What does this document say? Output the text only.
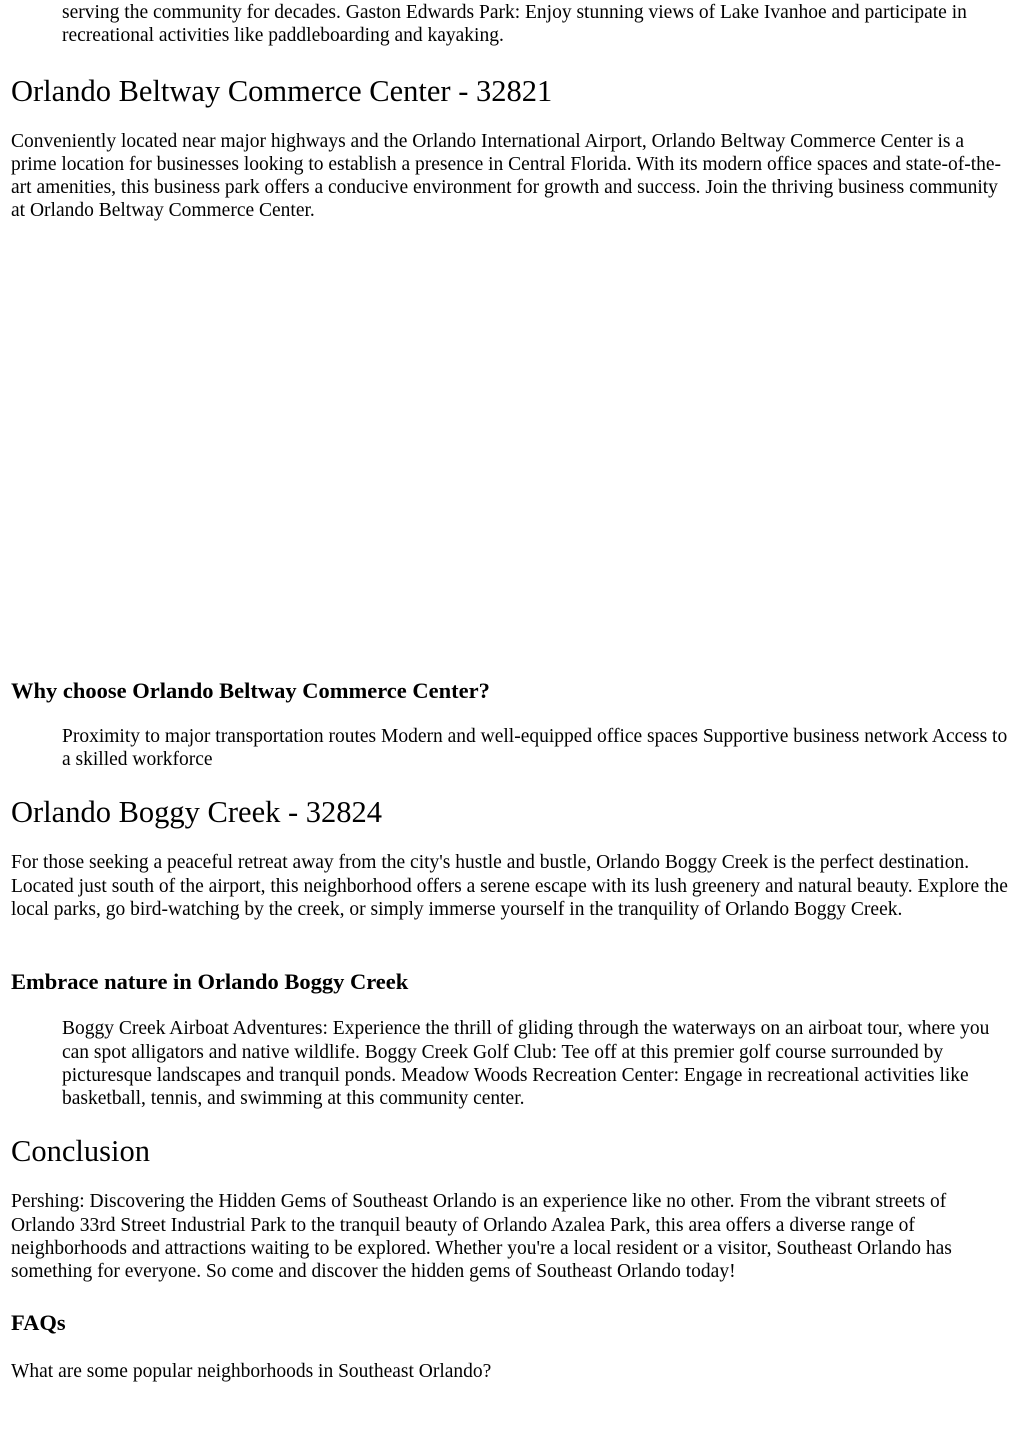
serving the community for decades. Gaston Edwards Park: Enjoy stunning views of Lake Ivanhoe and participate in recreational activities like paddleboarding and kayaking.

Orlando Beltway Commerce Center - 32821

Conveniently located near major highways and the Orlando International Airport, Orlando Beltway Commerce Center is a prime location for businesses looking to establish a presence in Central Florida. With its modern office spaces and state-of-the-art amenities, this business park offers a conducive environment for growth and success. Join the thriving business community at Orlando Beltway Commerce Center.

Why choose Orlando Beltway Commerce Center?

Proximity to major transportation routes Modern and well-equipped office spaces Supportive business network Access to a skilled workforce

Orlando Boggy Creek - 32824

For those seeking a peaceful retreat away from the city's hustle and bustle, Orlando Boggy Creek is the perfect destination. Located just south of the airport, this neighborhood offers a serene escape with its lush greenery and natural beauty. Explore the local parks, go bird-watching by the creek, or simply immerse yourself in the tranquility of Orlando Boggy Creek.

Embrace nature in Orlando Boggy Creek

Boggy Creek Airboat Adventures: Experience the thrill of gliding through the waterways on an airboat tour, where you can spot alligators and native wildlife. Boggy Creek Golf Club: Tee off at this premier golf course surrounded by picturesque landscapes and tranquil ponds. Meadow Woods Recreation Center: Engage in recreational activities like basketball, tennis, and swimming at this community center.

Conclusion

Pershing: Discovering the Hidden Gems of Southeast Orlando is an experience like no other. From the vibrant streets of Orlando 33rd Street Industrial Park to the tranquil beauty of Orlando Azalea Park, this area offers a diverse range of neighborhoods and attractions waiting to be explored. Whether you're a local resident or a visitor, Southeast Orlando has something for everyone. So come and discover the hidden gems of Southeast Orlando today!

FAQs

What are some popular neighborhoods in Southeast Orlando?
